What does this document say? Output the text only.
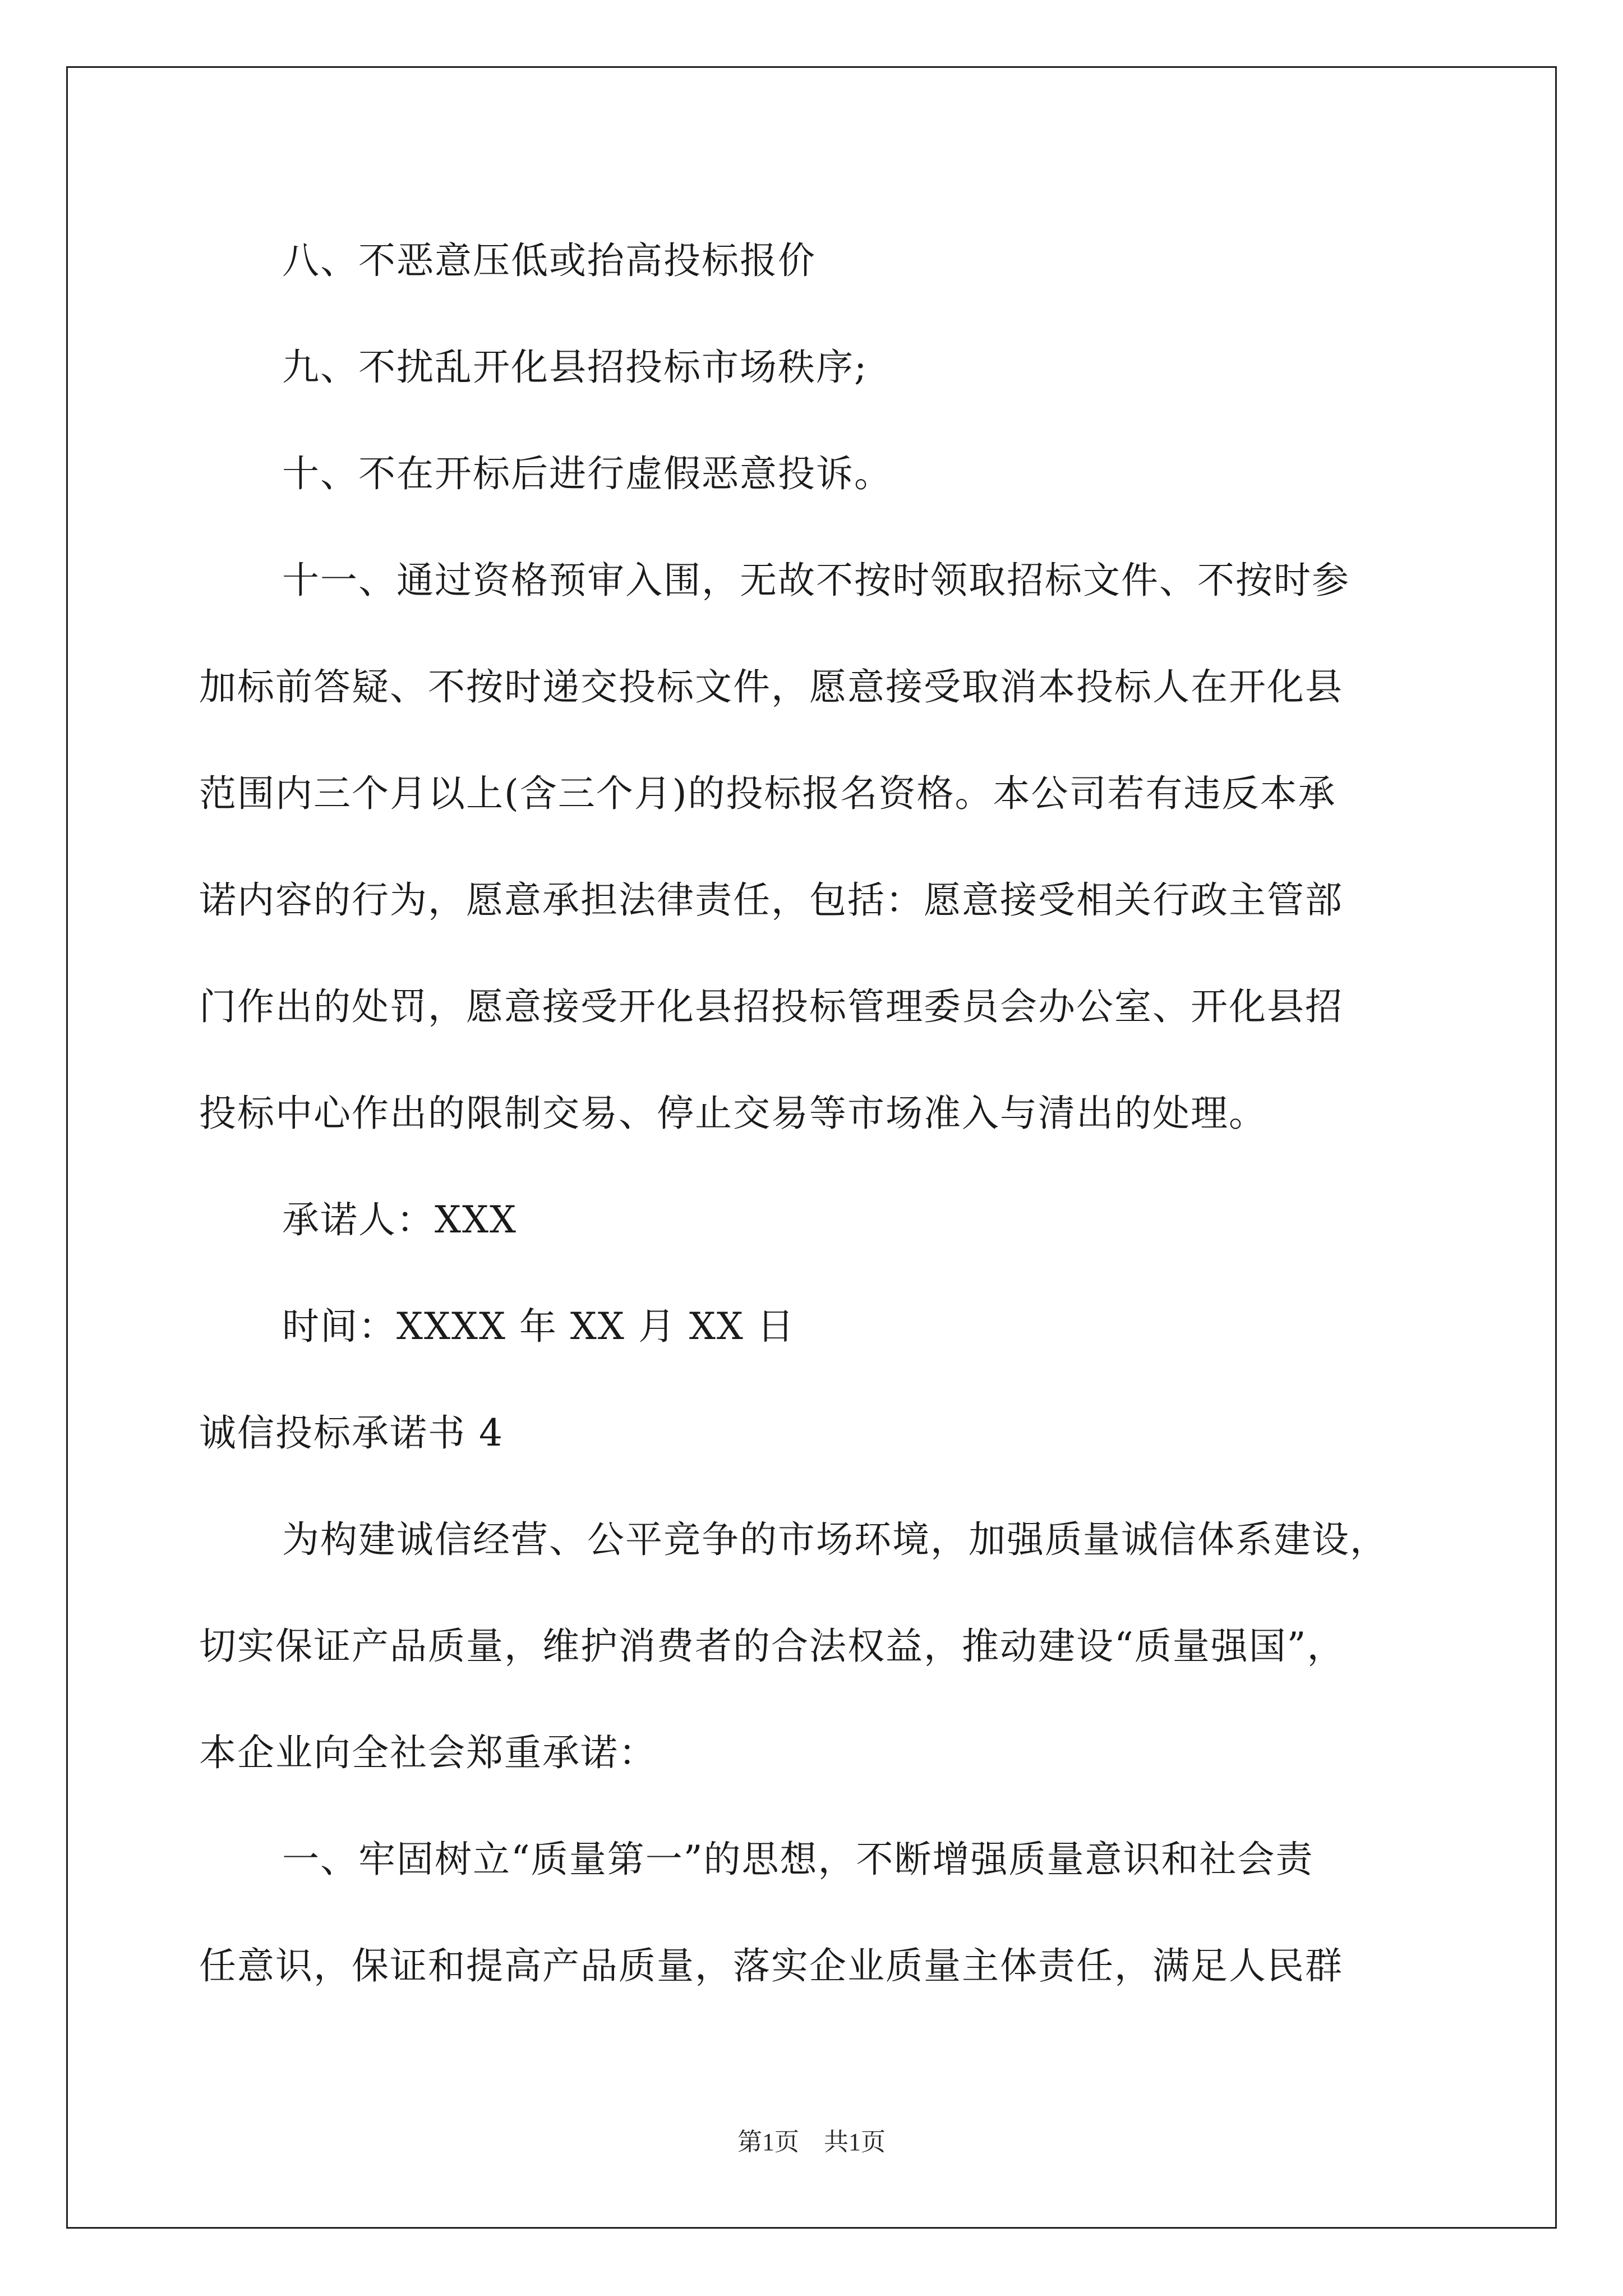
八、不恶意压低或抬高投标报价
九、不扰乱开化县招投标市场秩序;
十、不在开标后进行虚假恶意投诉。
十一、通过资格预审入围，无故不按时领取招标文件、不按时参
加标前答疑、不按时递交投标文件，愿意接受取消本投标人在开化县
范围内三个月以上(含三个月)的投标报名资格。本公司若有违反本承
诺内容的行为，愿意承担法律责任，包括：愿意接受相关行政主管部
门作出的处罚，愿意接受开化县招投标管理委员会办公室、开化县招
投标中心作出的限制交易、停止交易等市场准入与清出的处理。
承诺人：XXX
时间：XXXX 年 XX 月 XX 日
诚信投标承诺书 4
为构建诚信经营、公平竞争的市场环境，加强质量诚信体系建设，
切实保证产品质量，维护消费者的合法权益，推动建设“质量强国”，
本企业向全社会郑重承诺：
一、牢固树立“质量第一”的思想，不断增强质量意识和社会责
任意识，保证和提高产品质量，落实企业质量主体责任，满足人民群
第1页　共1页
